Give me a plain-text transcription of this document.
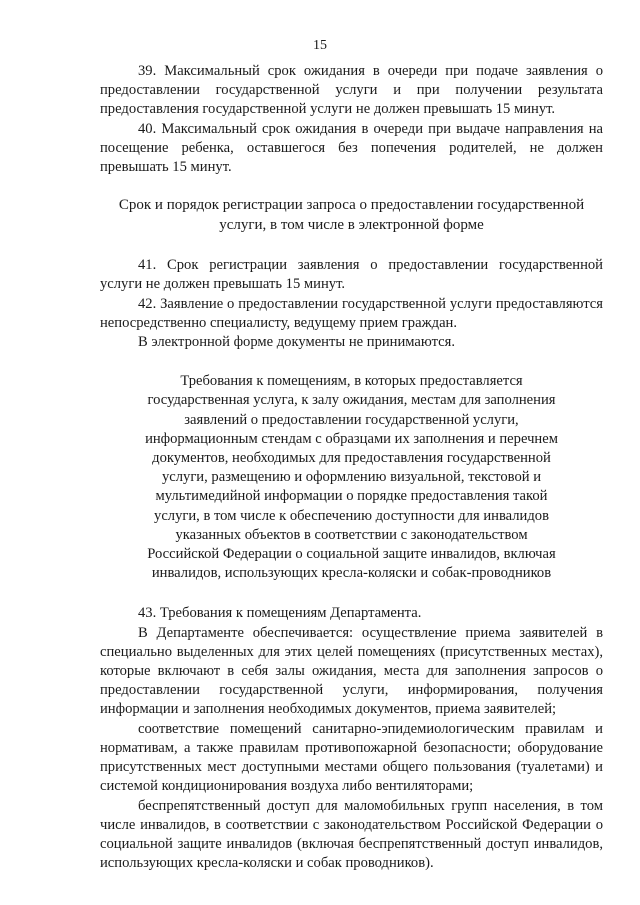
15

39. Максимальный срок ожидания в очереди при подаче заявления о предоставлении государственной услуги и при получении результата предоставления государственной услуги не должен превышать 15 минут.

40. Максимальный срок ожидания в очереди при выдаче направления на посещение ребенка, оставшегося без попечения родителей, не должен превышать 15 минут.

Срок и порядок регистрации запроса о предоставлении государственной услуги, в том числе в электронной форме

41. Срок регистрации заявления о предоставлении государственной услуги не должен превышать 15 минут.

42. Заявление о предоставлении государственной услуги предоставляются непосредственно специалисту, ведущему прием граждан.

В электронной форме документы не принимаются.

Требования к помещениям, в которых предоставляется государственная услуга, к залу ожидания, местам для заполнения заявлений о предоставлении государственной услуги, информационным стендам с образцами их заполнения и перечнем документов, необходимых для предоставления государственной услуги, размещению и оформлению визуальной, текстовой и мультимедийной информации о порядке предоставления такой услуги, в том числе к обеспечению доступности для инвалидов указанных объектов в соответствии с законодательством Российской Федерации о социальной защите инвалидов, включая инвалидов, использующих кресла-коляски и собак-проводников

43. Требования к помещениям Департамента.

В Департаменте обеспечивается: осуществление приема заявителей в специально выделенных для этих целей помещениях (присутственных местах), которые включают в себя залы ожидания, места для заполнения запросов о предоставлении государственной услуги, информирования, получения информации и заполнения необходимых документов, приема заявителей;

соответствие помещений санитарно-эпидемиологическим правилам и нормативам, а также правилам противопожарной безопасности; оборудование присутственных мест доступными местами общего пользования (туалетами) и системой кондиционирования воздуха либо вентиляторами;

беспрепятственный доступ для маломобильных групп населения, в том числе инвалидов, в соответствии с законодательством Российской Федерации о социальной защите инвалидов (включая беспрепятственный доступ инвалидов, использующих кресла-коляски и собак проводников).
